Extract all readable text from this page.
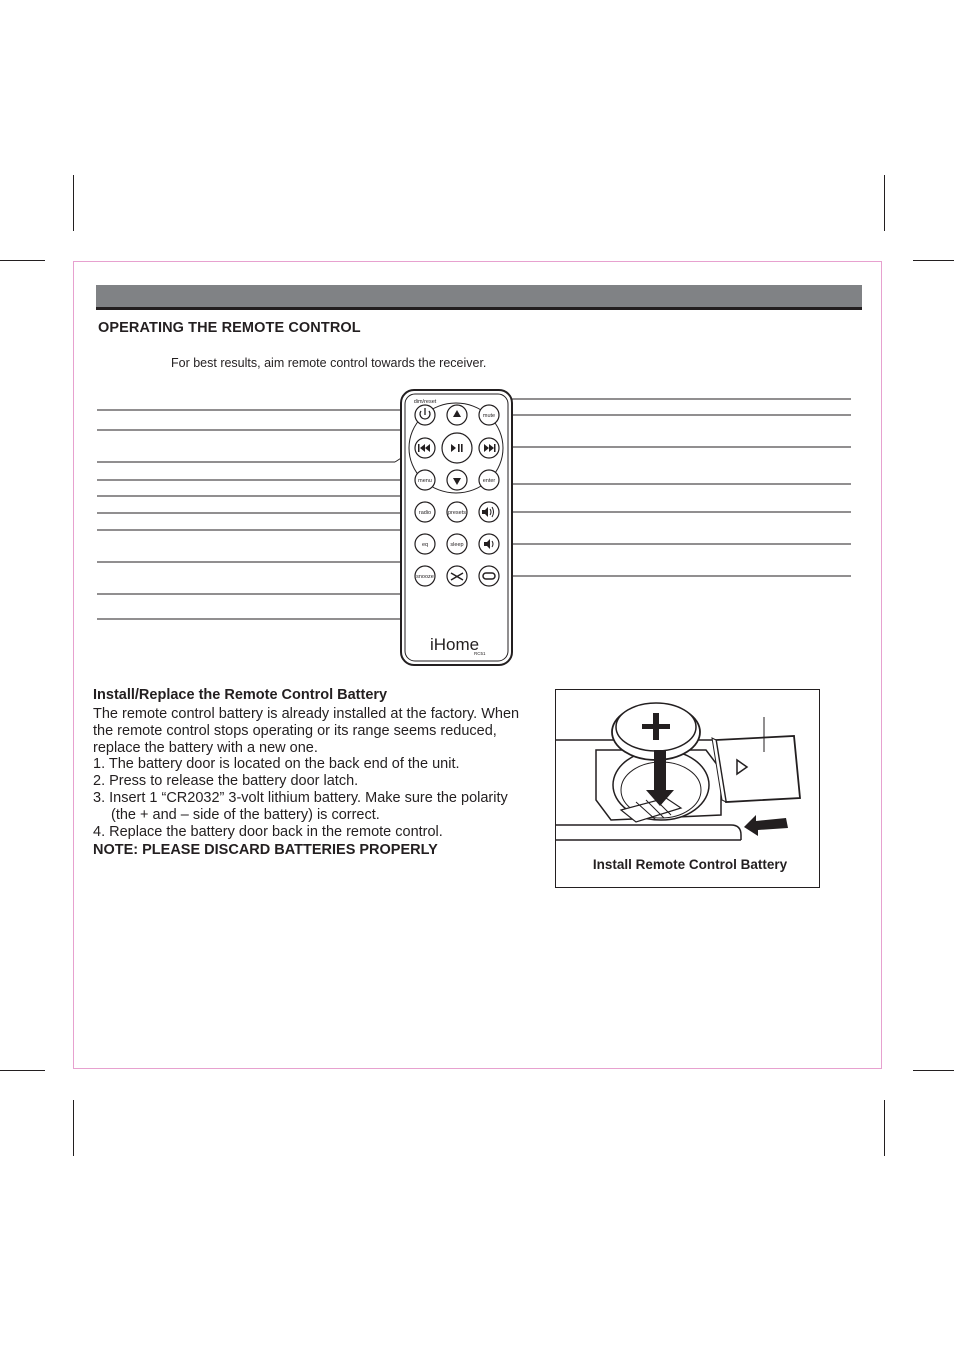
OPERATING THE REMOTE CONTROL
For best results, aim remote control towards the receiver.
dim/reset
mute
menu	enter
radio	presets
eq	sleep
snooze
iHome
RC51
Install/Replace the Remote Control Battery

The remote control battery is already installed at the factory. When the remote control stops operating or its range seems reduced, replace the battery with a new one.

1. The battery door is located on the back end of the unit.

2. Press to release the battery door latch.

3. Insert 1 “CR2032” 3-volt lithium battery. Make sure the polarity (the + and – side of the battery) is correct.

4. Replace the battery door back in the remote control.

NOTE: PLEASE DISCARD BATTERIES PROPERLY
Install Remote Control Battery
